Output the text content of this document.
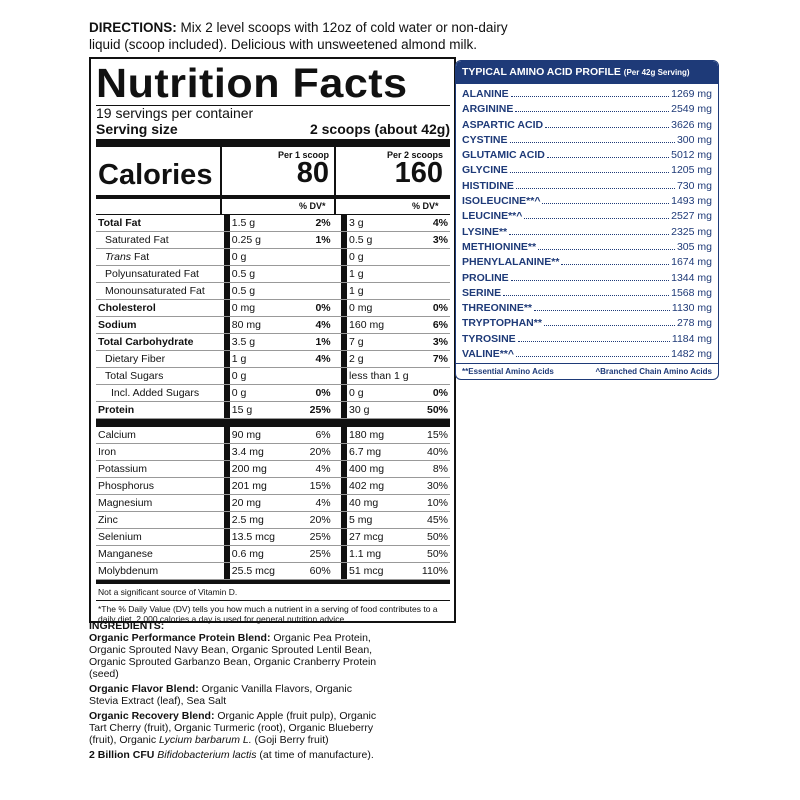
DIRECTIONS: Mix 2 level scoops with 12oz of cold water or non-dairy liquid (scoop included). Delicious with unsweetened almond milk.
Nutrition Facts
19 servings per container
Serving size	2 scoops (about 42g)
Calories
Per 1 scoop
80
Per 2 scoops
160
% DV*	% DV*
Total Fat		1.5 g	2%			3 g	4%
Saturated Fat		0.25 g	1%			0.5 g	3%
Trans Fat		0 g				0 g	
Polyunsaturated Fat		0.5 g				1 g	
Monounsaturated Fat		0.5 g				1 g	
Cholesterol		0 mg	0%			0 mg	0%
Sodium		80 mg	4%			160 mg	6%
Total Carbohydrate		3.5 g	1%			7 g	3%
Dietary Fiber		1 g	4%			2 g	7%
Total Sugars		0 g				less than 1 g	
Incl. Added Sugars		0 g	0%			0 g	0%
Protein		15 g	25%			30 g	50%
Calcium		90 mg	6%			180 mg	15%
Iron		3.4 mg	20%			6.7 mg	40%
Potassium		200 mg	4%			400 mg	8%
Phosphorus		201 mg	15%			402 mg	30%
Magnesium		20 mg	4%			40 mg	10%
Zinc		2.5 mg	20%			5 mg	45%
Selenium		13.5 mcg	25%			27 mcg	50%
Manganese		0.6 mg	25%			1.1 mg	50%
Molybdenum		25.5 mcg	60%			51 mcg	110%
Not a significant source of Vitamin D.
*The % Daily Value (DV) tells you how much a nutrient in a serving of food contributes to a daily diet. 2,000 calories a day is used for general nutrition advice.
INGREDIENTS:
Organic Performance Protein Blend: Organic Pea Protein, Organic Sprouted Navy Bean, Organic Sprouted Lentil Bean, Organic Sprouted Garbanzo Bean, Organic Cranberry Protein (seed)
Organic Flavor Blend: Organic Vanilla Flavors, Organic Stevia Extract (leaf), Sea Salt
Organic Recovery Blend: Organic Apple (fruit pulp), Organic Tart Cherry (fruit), Organic Turmeric (root), Organic Blueberry (fruit), Organic Lycium barbarum L. (Goji Berry fruit)
2 Billion CFU Bifidobacterium lactis (at time of manufacture).
TYPICAL AMINO ACID PROFILE (Per 42g Serving)
ALANINE	1269 mg
ARGININE	2549 mg
ASPARTIC ACID	3626 mg
CYSTINE	300 mg
GLUTAMIC ACID	5012 mg
GLYCINE	1205 mg
HISTIDINE	730 mg
ISOLEUCINE**^	1493 mg
LEUCINE**^	2527 mg
LYSINE**	2325 mg
METHIONINE**	305 mg
PHENYLALANINE**	1674 mg
PROLINE	1344 mg
SERINE	1568 mg
THREONINE**	1130 mg
TRYPTOPHAN**	278 mg
TYROSINE	1184 mg
VALINE**^	1482 mg
**Essential Amino Acids	^Branched Chain Amino Acids
